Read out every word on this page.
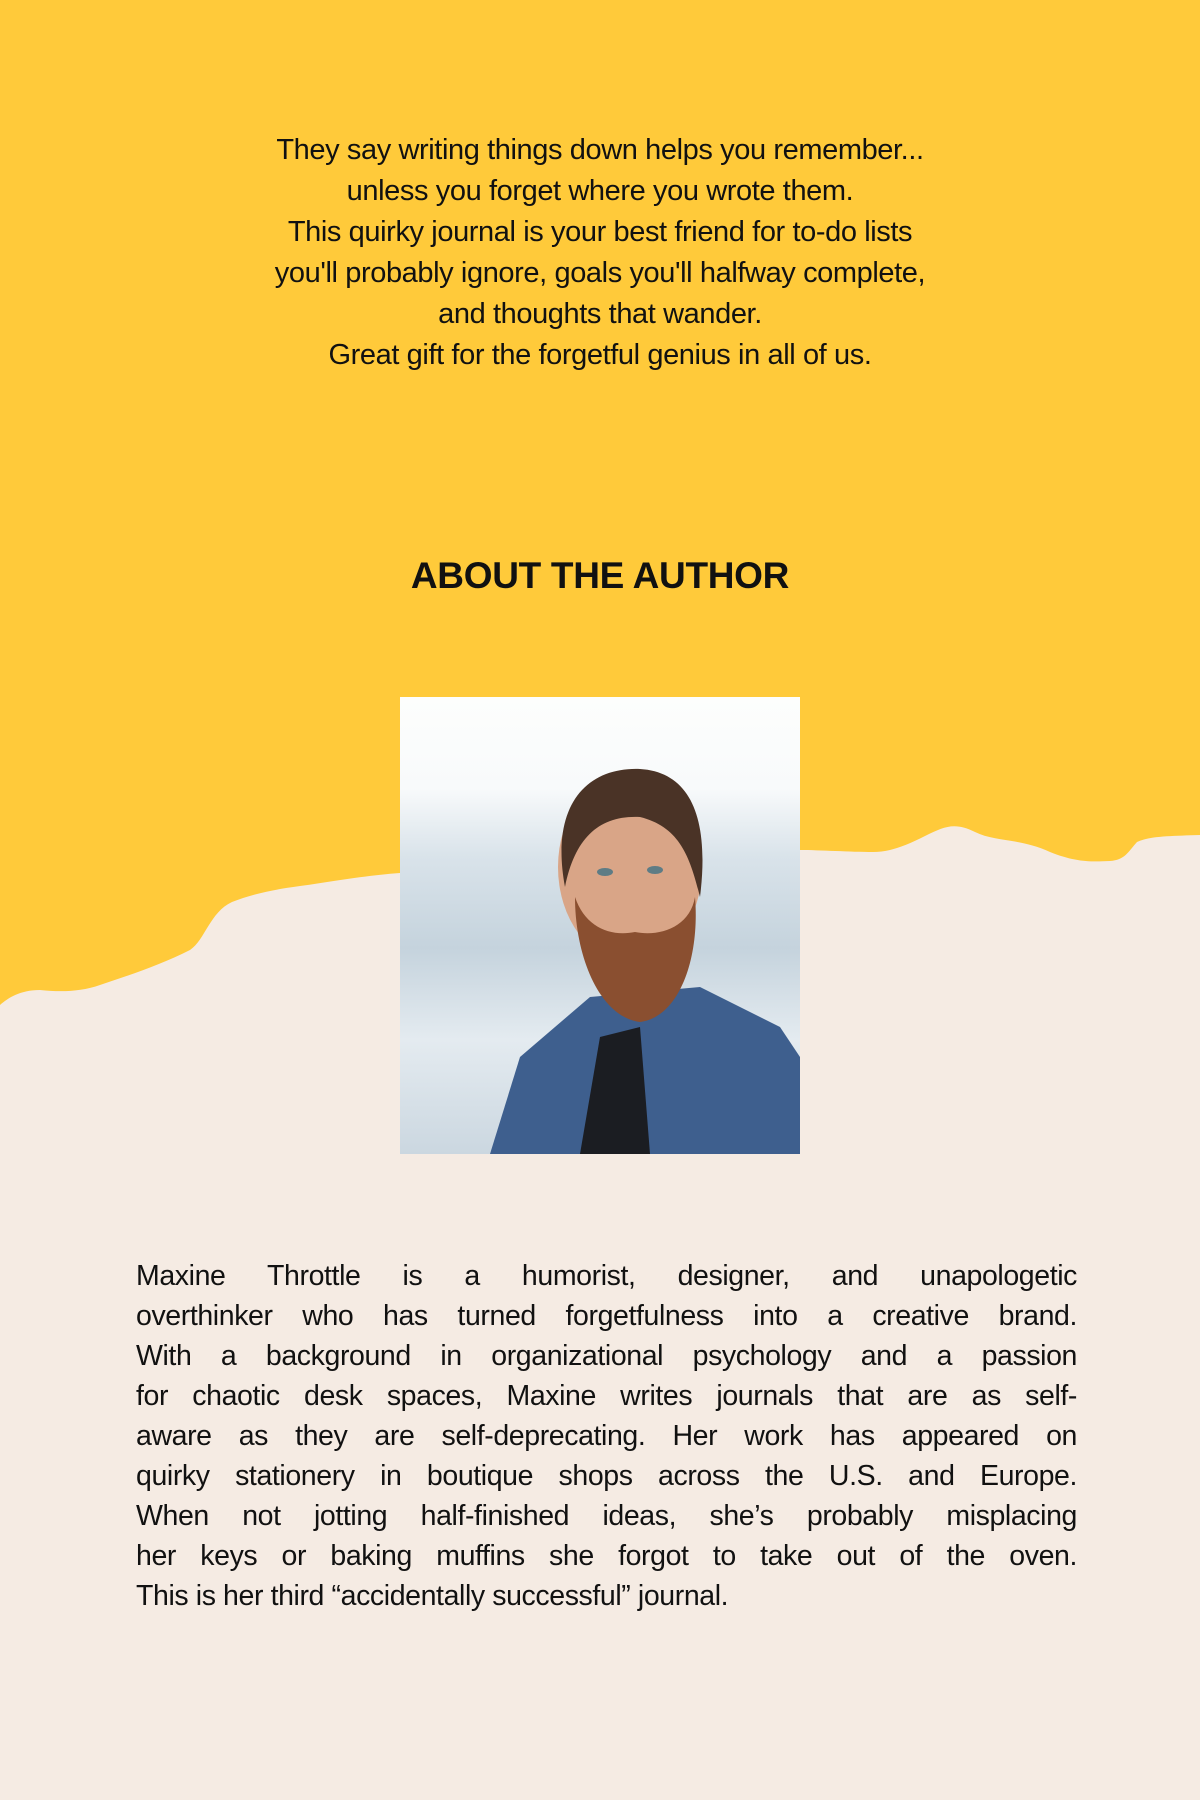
They say writing things down helps you remember...
unless you forget where you wrote them.
This quirky journal is your best friend for to-do lists
you'll probably ignore, goals you'll halfway complete,
and thoughts that wander.
Great gift for the forgetful genius in all of us.
ABOUT THE AUTHOR
Maxine Throttle is a humorist, designer, and unapologetic
overthinker who has turned forgetfulness into a creative brand.
With a background in organizational psychology and a passion
for chaotic desk spaces, Maxine writes journals that are as self-
aware as they are self-deprecating. Her work has appeared on
quirky stationery in boutique shops across the U.S. and Europe.
When not jotting half-finished ideas, she’s probably misplacing
her keys or baking muffins she forgot to take out of the oven.
This is her third “accidentally successful” journal.
